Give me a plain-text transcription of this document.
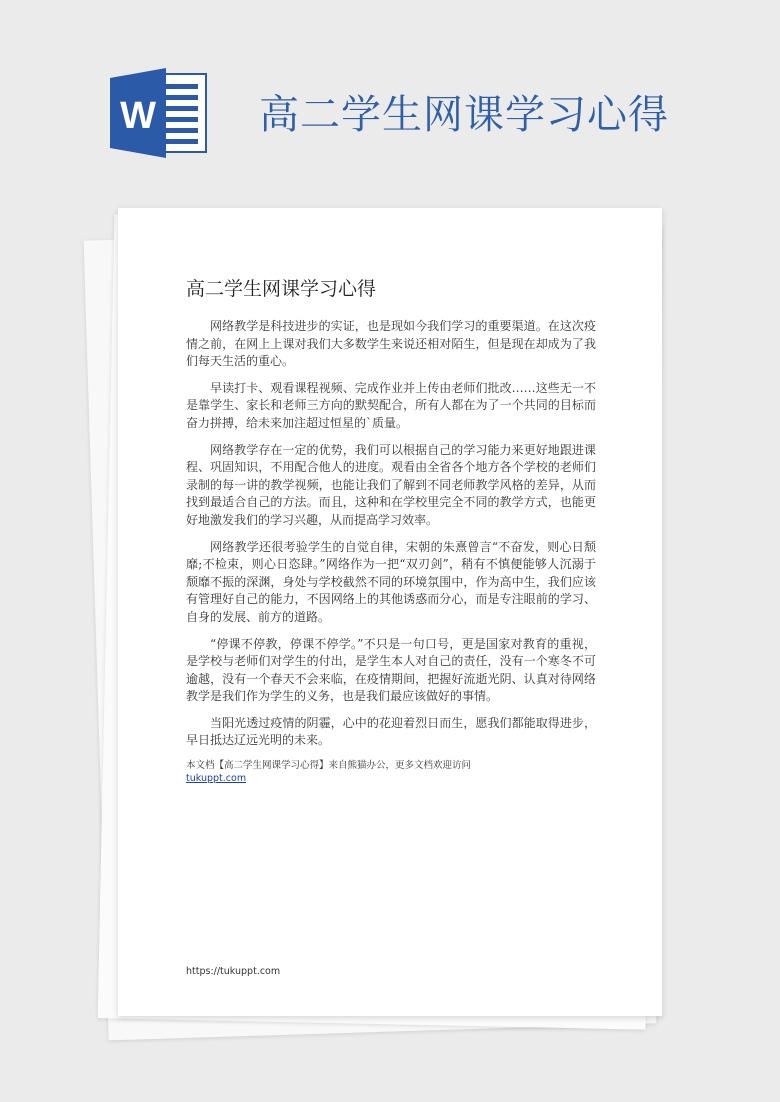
W	高二学生网课学习心得
高二学生网课学习心得

网络教学是科技进步的实证，也是现如今我们学习的重要渠道。在这次疫情之前，在网上上课对我们大多数学生来说还相对陌生，但是现在却成为了我们每天生活的重心。

早读打卡、观看课程视频、完成作业并上传由老师们批改……这些无一不是靠学生、家长和老师三方向的默契配合，所有人都在为了一个共同的目标而奋力拼搏，给未来加注超过恒星的`质量。

网络教学存在一定的优势，我们可以根据自己的学习能力来更好地跟进课程、巩固知识，不用配合他人的进度。观看由全省各个地方各个学校的老师们录制的每一讲的教学视频，也能让我们了解到不同老师教学风格的差异，从而找到最适合自己的方法。而且，这种和在学校里完全不同的教学方式，也能更好地激发我们的学习兴趣，从而提高学习效率。

网络教学还很考验学生的自觉自律，宋朝的朱熹曾言“不奋发，则心日颓靡;不检束，则心日恣肆。”网络作为一把“双刃剑”，稍有不慎便能够人沉溺于颓靡不振的深渊，身处与学校截然不同的环境氛围中，作为高中生，我们应该有管理好自己的能力，不因网络上的其他诱惑而分心，而是专注眼前的学习、自身的发展、前方的道路。

“停课不停教，停课不停学。”不只是一句口号，更是国家对教育的重视，是学校与老师们对学生的付出，是学生本人对自己的责任，没有一个寒冬不可逾越，没有一个春天不会来临，在疫情期间，把握好流逝光阴、认真对待网络教学是我们作为学生的义务，也是我们最应该做好的事情。

当阳光透过疫情的阴霾，心中的花迎着烈日而生，愿我们都能取得进步，早日抵达辽远光明的未来。

本文档【高二学生网课学习心得】来自熊猫办公，更多文档欢迎访问
tukuppt.com
https://tukuppt.com
